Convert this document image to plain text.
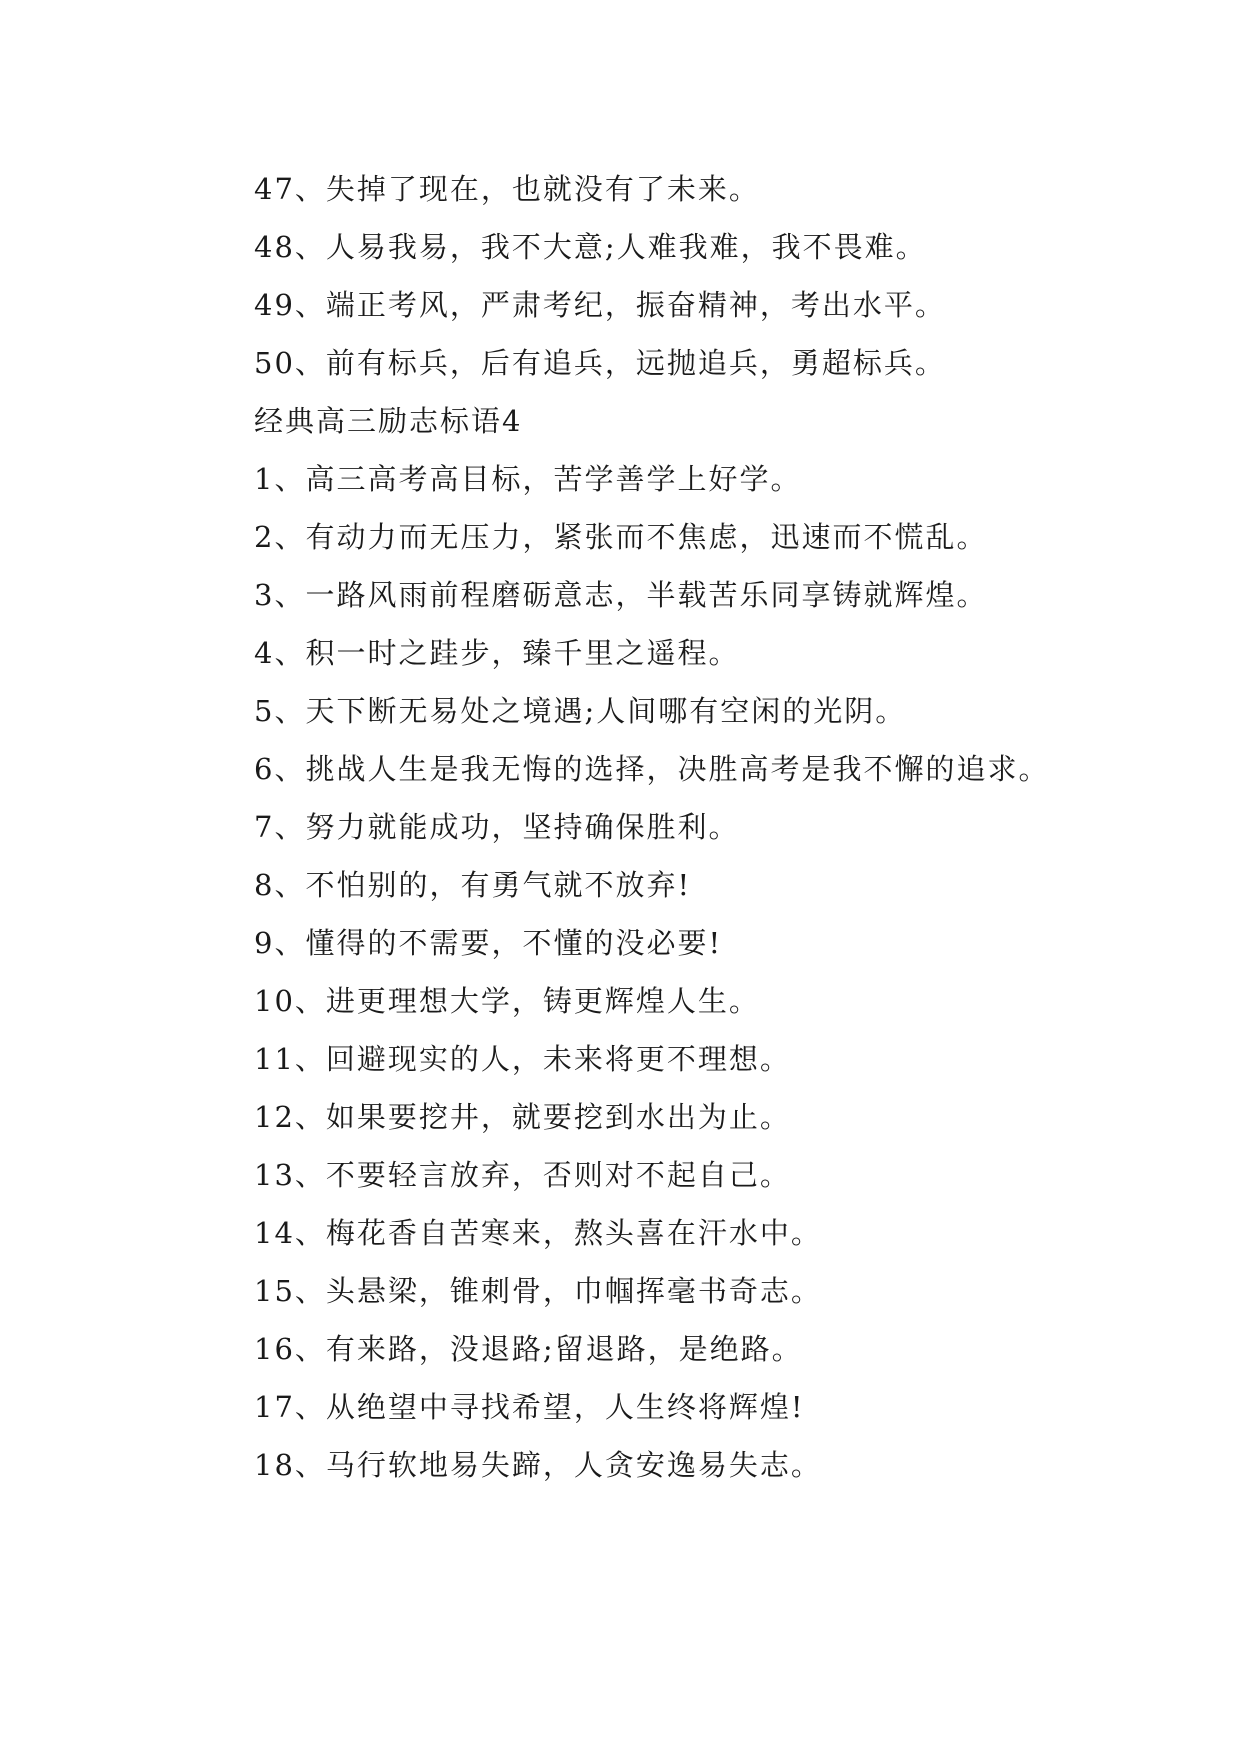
47、失掉了现在，也就没有了未来。
48、人易我易，我不大意;人难我难，我不畏难。
49、端正考风，严肃考纪，振奋精神，考出水平。
50、前有标兵，后有追兵，远抛追兵，勇超标兵。
经典高三励志标语4
1、高三高考高目标，苦学善学上好学。
2、有动力而无压力，紧张而不焦虑，迅速而不慌乱。
3、一路风雨前程磨砺意志，半载苦乐同享铸就辉煌。
4、积一时之跬步，臻千里之遥程。
5、天下断无易处之境遇;人间哪有空闲的光阴。
6、挑战人生是我无悔的选择，决胜高考是我不懈的追求。
7、努力就能成功，坚持确保胜利。
8、不怕别的，有勇气就不放弃!
9、懂得的不需要，不懂的没必要!
10、进更理想大学，铸更辉煌人生。
11、回避现实的人，未来将更不理想。
12、如果要挖井，就要挖到水出为止。
13、不要轻言放弃，否则对不起自己。
14、梅花香自苦寒来，熬头喜在汗水中。
15、头悬梁，锥刺骨，巾帼挥毫书奇志。
16、有来路，没退路;留退路，是绝路。
17、从绝望中寻找希望，人生终将辉煌!
18、马行软地易失蹄，人贪安逸易失志。
